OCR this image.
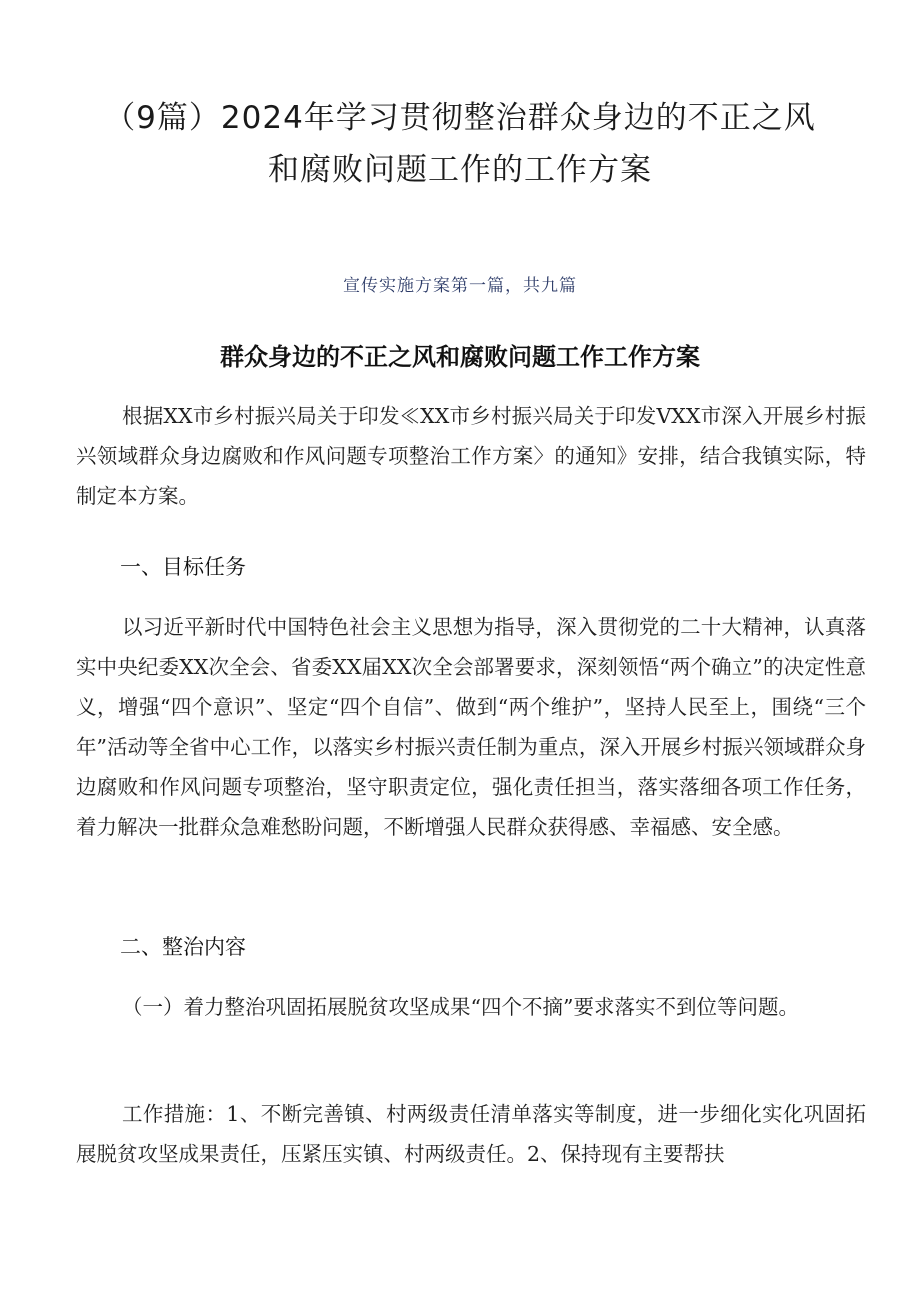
（9篇）2024年学习贯彻整治群众身边的不正之风
和腐败问题工作的工作方案
宣传实施方案第一篇，共九篇
群众身边的不正之风和腐败问题工作工作方案

根据XX市乡村振兴局关于印发≪XX市乡村振兴局关于印发VXX市深入开展乡村振兴领域群众身边腐败和作风问题专项整治工作方案〉的通知》安排，结合我镇实际，特制定本方案。

一、目标任务

以习近平新时代中国特色社会主义思想为指导，深入贯彻党的二十大精神，认真落实中央纪委XX次全会、省委XX届XX次全会部署要求，深刻领悟“两个确立”的决定性意义，增强“四个意识”、坚定“四个自信”、做到“两个维护”，坚持人民至上，围绕“三个年”活动等全省中心工作，以落实乡村振兴责任制为重点，深入开展乡村振兴领域群众身边腐败和作风问题专项整治，坚守职责定位，强化责任担当，落实落细各项工作任务，着力解决一批群众急难愁盼问题，不断增强人民群众获得感、幸福感、安全感。

二、整治内容

（一）着力整治巩固拓展脱贫攻坚成果“四个不摘”要求落实不到位等问题。

工作措施：1、不断完善镇、村两级责任清单落实等制度，进一步细化实化巩固拓展脱贫攻坚成果责任，压紧压实镇、村两级责任。2、保持现有主要帮扶
